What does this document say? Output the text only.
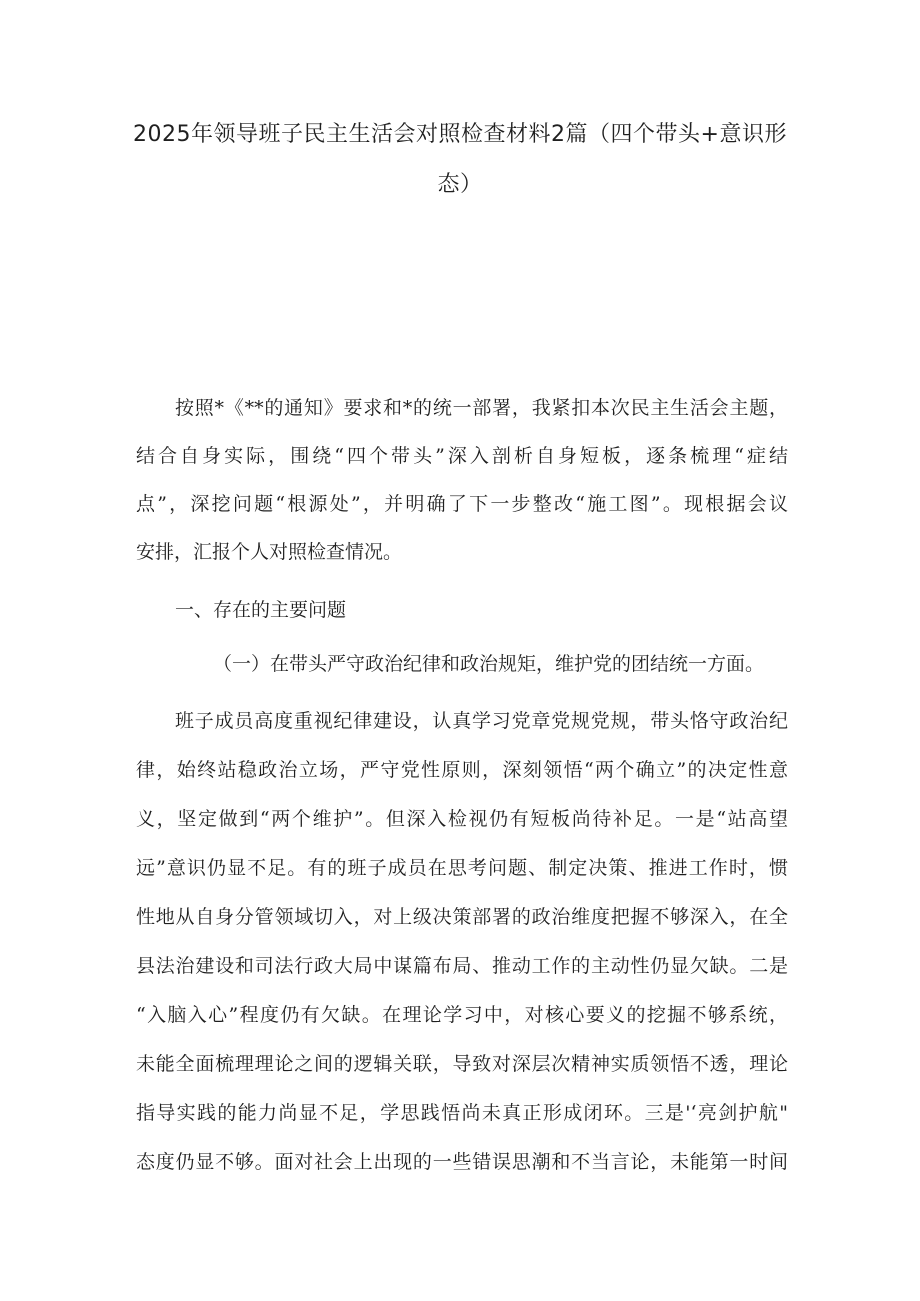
2025年领导班子民主生活会对照检查材料2篇（四个带头+意识形
态）
按照*《**的通知》要求和*的统一部署，我紧扣本次民主生活会主题，
结合自身实际，围绕“四个带头”深入剖析自身短板，逐条梳理“症结
点”，深挖问题“根源处”，并明确了下一步整改“施工图”。现根据会议
安排，汇报个人对照检查情况。
一、存在的主要问题
（一）在带头严守政治纪律和政治规矩，维护党的团结统一方面。
班子成员高度重视纪律建设，认真学习党章党规党规，带头恪守政治纪
律，始终站稳政治立场，严守党性原则，深刻领悟“两个确立”的决定性意
义，坚定做到“两个维护”。但深入检视仍有短板尚待补足。一是“站高望
远”意识仍显不足。有的班子成员在思考问题、制定决策、推进工作时，惯
性地从自身分管领域切入，对上级决策部署的政治维度把握不够深入，在全
县法治建设和司法行政大局中谋篇布局、推动工作的主动性仍显欠缺。二是
“入脑入心”程度仍有欠缺。在理论学习中，对核心要义的挖掘不够系统，
未能全面梳理理论之间的逻辑关联，导致对深层次精神实质领悟不透，理论
指导实践的能力尚显不足，学思践悟尚未真正形成闭环。三是'‘亮剑护航"
态度仍显不够。面对社会上出现的一些错误思潮和不当言论，未能第一时间
